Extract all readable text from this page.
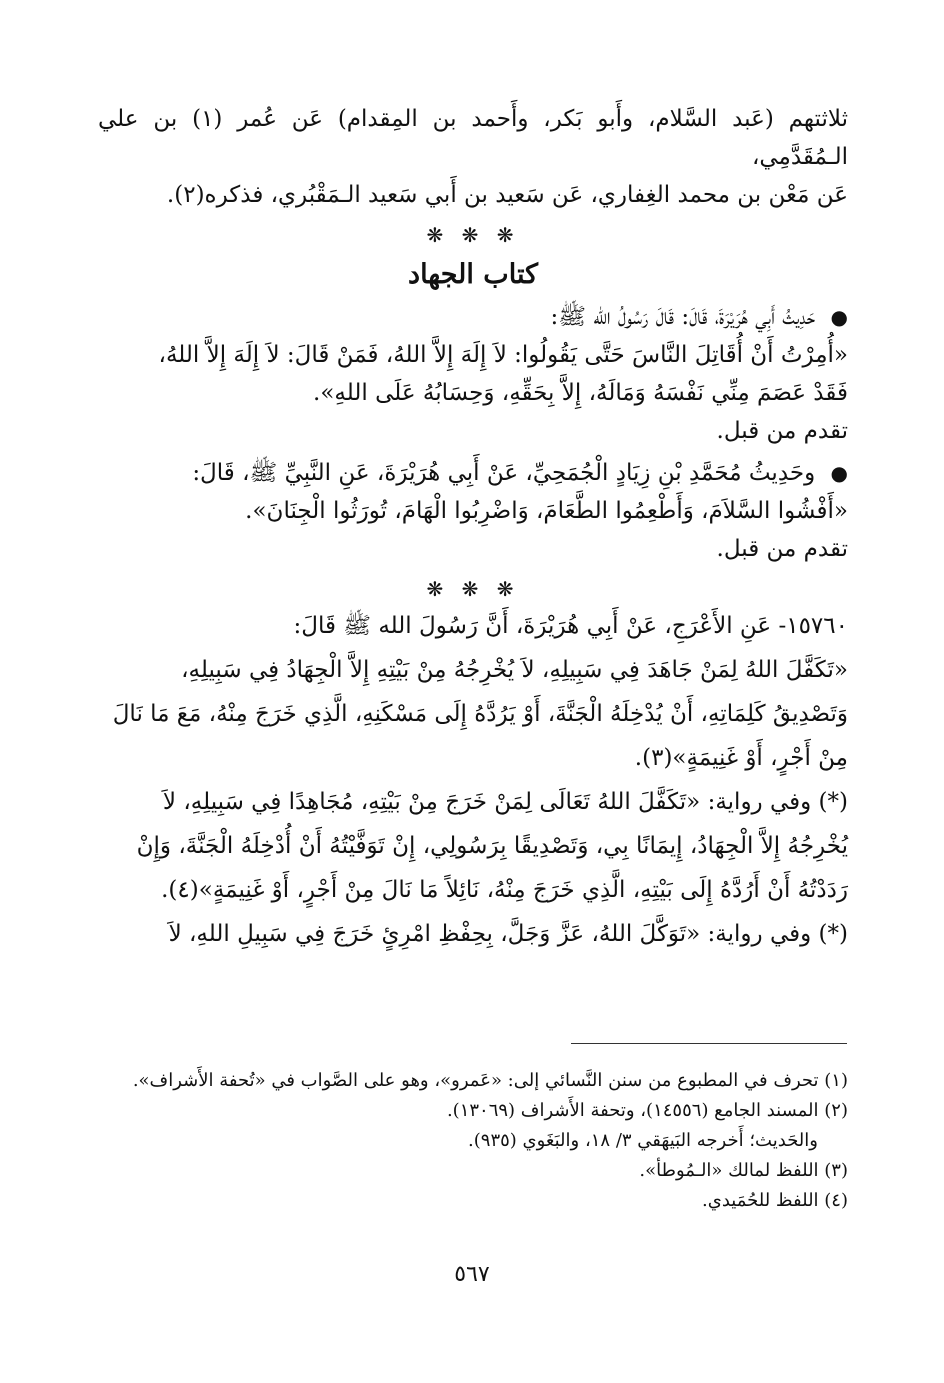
ثلاثتهم (عَبد السَّلام، وأَبو بَكر، وأَحمد بن المِقدام) عَن عُمر (١) بن علي الـمُقَدَّمِي،

عَن مَعْن بن محمد الغِفاري، عَن سَعيد بن أَبي سَعيد الـمَقْبُري، فذكره(٢).

❋ ❋ ❋
كتاب الجهاد

● حَدِيثُ أَبِي هُرَيْرَةَ، قَالَ: قَالَ رَسُولُ الله ﷺ:

«أُمِرْتُ أَنْ أُقَاتِلَ النَّاسَ حَتَّى يَقُولُوا: لاَ إِلَهَ إِلاَّ اللهُ، فَمَنْ قَالَ: لاَ إِلَهَ إِلاَّ اللهُ،

فَقَدْ عَصَمَ مِنِّي نَفْسَهُ وَمَالَهُ، إِلاَّ بِحَقِّهِ، وَحِسَابُهُ عَلَى اللهِ».

تقدم من قبل.

● وحَدِيثُ مُحَمَّدِ بْنِ زِيَادٍ الْجُمَحِيِّ، عَنْ أَبِي هُرَيْرَةَ، عَنِ النَّبِيِّ ﷺ، قَالَ:

«أَفْشُوا السَّلاَمَ، وَأَطْعِمُوا الطَّعَامَ، وَاضْرِبُوا الْهَامَ، تُورَثُوا الْجِنَانَ».

تقدم من قبل.

❋ ❋ ❋

١٥٧٦٠- عَنِ الأَعْرَجِ، عَنْ أَبِي هُرَيْرَةَ، أَنَّ رَسُولَ الله ﷺ قَالَ:

«تَكَفَّلَ اللهُ لِمَنْ جَاهَدَ فِي سَبِيلِهِ، لاَ يُخْرِجُهُ مِنْ بَيْتِهِ إِلاَّ الْجِهَادُ فِي سَبِيلِهِ،

وَتَصْدِيقُ كَلِمَاتِهِ، أَنْ يُدْخِلَهُ الْجَنَّةَ، أَوْ يَرُدَّهُ إِلَى مَسْكَنِهِ، الَّذِي خَرَجَ مِنْهُ، مَعَ مَا نَالَ

مِنْ أَجْرٍ، أَوْ غَنِيمَةٍ»(٣).

(*) وفي رواية: «تَكَفَّلَ اللهُ تَعَالَى لِمَنْ خَرَجَ مِنْ بَيْتِهِ، مُجَاهِدًا فِي سَبِيلِهِ، لاَ

يُخْرِجُهُ إِلاَّ الْجِهَادُ، إِيمَانًا بِي، وَتَصْدِيقًا بِرَسُولِي، إِنْ تَوَفَّيْتُهُ أَنْ أُدْخِلَهُ الْجَنَّةَ، وَإِنْ

رَدَدْتُهُ أَنْ أَرُدَّهُ إِلَى بَيْتِهِ، الَّذِي خَرَجَ مِنْهُ، نَائِلاً مَا نَالَ مِنْ أَجْرٍ، أَوْ غَنِيمَةٍ»(٤).

(*) وفي رواية: «تَوَكَّلَ اللهُ، عَزَّ وَجَلَّ، بِحِفْظِ امْرِئٍ خَرَجَ فِي سَبِيلِ اللهِ، لاَ

(١) تحرف في المطبوع من سنن النَّسائي إلى: «عَمرو»، وهو على الصَّواب في «تُحفة الأَشراف».
(٢) المسند الجامع (١٤٥٥٦)، وتحفة الأَشراف (١٣٠٦٩).
والحَديث؛ أَخرجه البَيهَقي ٣/ ١٨، والبَغَوي (٩٣٥).
(٣) اللفظ لمالك «الـمُوطأ».
(٤) اللفظ للحُمَيدي.
٥٦٧
